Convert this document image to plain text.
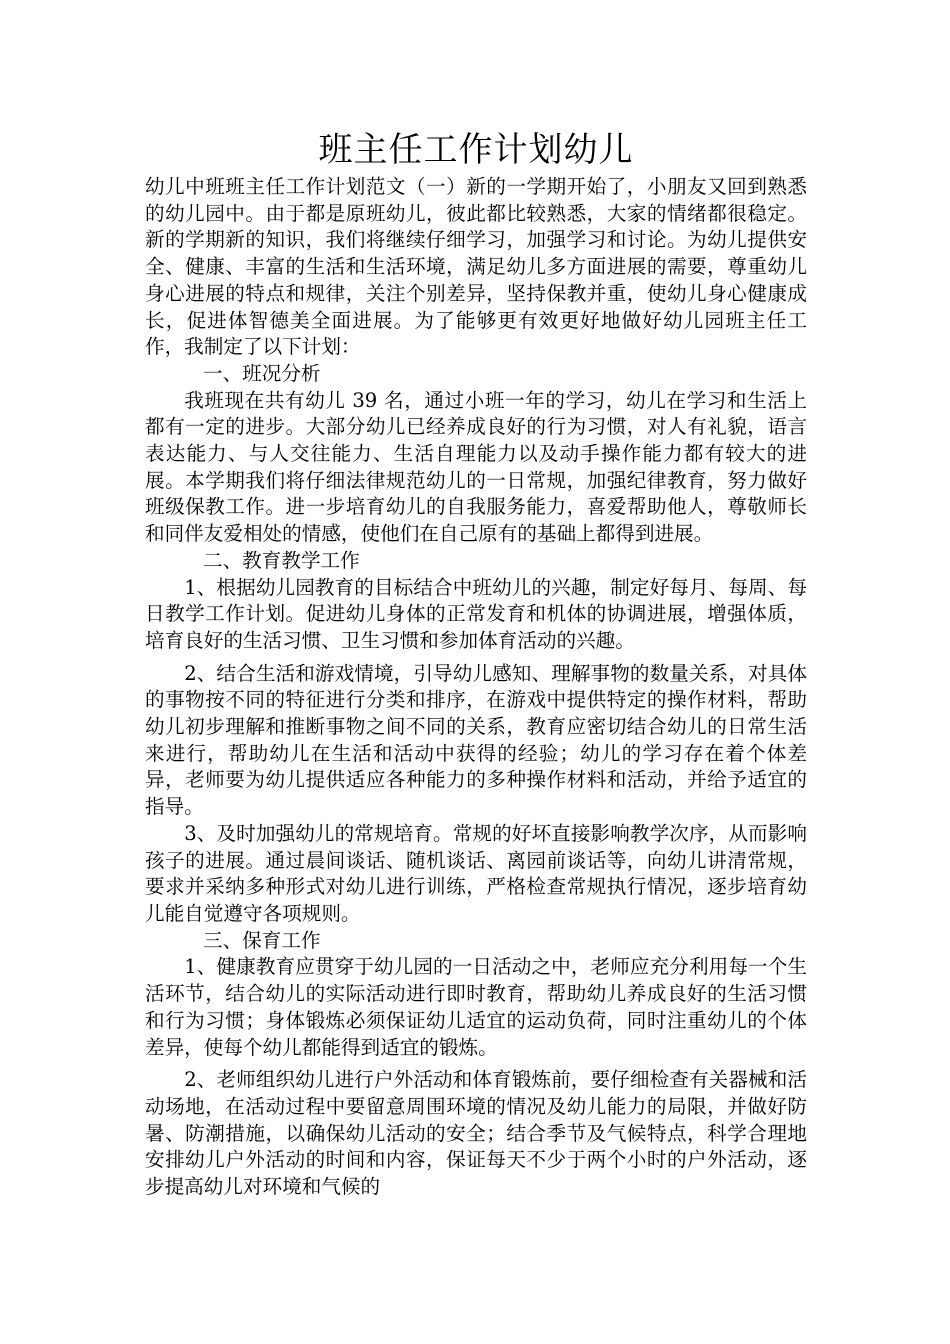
班主任工作计划幼儿

幼儿中班班主任工作计划范文（一）新的一学期开始了，小朋友又回到熟悉的幼儿园中。由于都是原班幼儿，彼此都比较熟悉，大家的情绪都很稳定。新的学期新的知识，我们将继续仔细学习，加强学习和讨论。为幼儿提供安全、健康、丰富的生活和生活环境，满足幼儿多方面进展的需要，尊重幼儿身心进展的特点和规律，关注个别差异，坚持保教并重，使幼儿身心健康成长，促进体智德美全面进展。为了能够更有效更好地做好幼儿园班主任工作，我制定了以下计划：

一、班况分析

我班现在共有幼儿 39 名，通过小班一年的学习，幼儿在学习和生活上都有一定的进步。大部分幼儿已经养成良好的行为习惯，对人有礼貌，语言表达能力、与人交往能力、生活自理能力以及动手操作能力都有较大的进展。本学期我们将仔细法律规范幼儿的一日常规，加强纪律教育，努力做好班级保教工作。进一步培育幼儿的自我服务能力，喜爱帮助他人，尊敬师长和同伴友爱相处的情感，使他们在自己原有的基础上都得到进展。

二、教育教学工作

1、根据幼儿园教育的目标结合中班幼儿的兴趣，制定好每月、每周、每日教学工作计划。促进幼儿身体的正常发育和机体的协调进展，增强体质，培育良好的生活习惯、卫生习惯和参加体育活动的兴趣。

2、结合生活和游戏情境，引导幼儿感知、理解事物的数量关系，对具体的事物按不同的特征进行分类和排序，在游戏中提供特定的操作材料，帮助幼儿初步理解和推断事物之间不同的关系，教育应密切结合幼儿的日常生活来进行，帮助幼儿在生活和活动中获得的经验；幼儿的学习存在着个体差异，老师要为幼儿提供适应各种能力的多种操作材料和活动，并给予适宜的指导。

3、及时加强幼儿的常规培育。常规的好坏直接影响教学次序，从而影响孩子的进展。通过晨间谈话、随机谈话、离园前谈话等，向幼儿讲清常规，要求并采纳多种形式对幼儿进行训练，严格检查常规执行情况，逐步培育幼儿能自觉遵守各项规则。

三、保育工作

1、健康教育应贯穿于幼儿园的一日活动之中，老师应充分利用每一个生活环节，结合幼儿的实际活动进行即时教育，帮助幼儿养成良好的生活习惯和行为习惯；身体锻炼必须保证幼儿适宜的运动负荷，同时注重幼儿的个体差异，使每个幼儿都能得到适宜的锻炼。

2、老师组织幼儿进行户外活动和体育锻炼前，要仔细检查有关器械和活动场地，在活动过程中要留意周围环境的情况及幼儿能力的局限，并做好防暑、防潮措施，以确保幼儿活动的安全；结合季节及气候特点，科学合理地安排幼儿户外活动的时间和内容，保证每天不少于两个小时的户外活动，逐步提高幼儿对环境和气候的
